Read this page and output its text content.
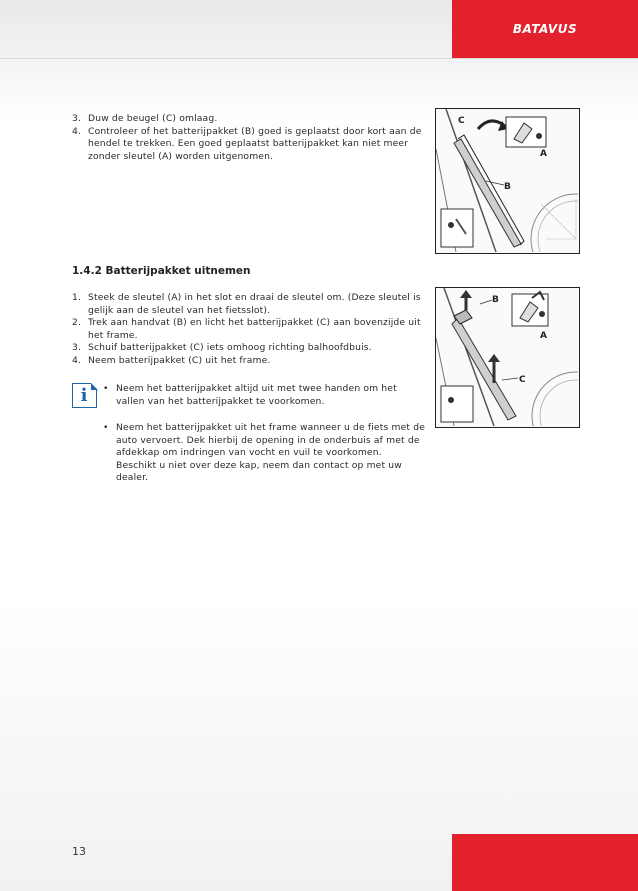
BATAVUS
3. Duw de beugel (C) omlaag.
4. Controleer of het batterijpakket (B) goed is geplaatst door kort aan de hendel te trekken. Een goed geplaatst batterijpakket kan niet meer zonder sleutel (A) worden uitgenomen.
C
B
A
1.4.2 Batterijpakket uitnemen
1. Steek de sleutel (A) in het slot en draai de sleutel om. (Deze sleutel is gelijk aan de sleutel van het fietsslot).
2. Trek aan handvat (B) en licht het batterijpakket (C) aan bovenzijde uit het frame.
3. Schuif batterijpakket (C) iets omhoog richting balhoofdbuis.
4. Neem batterijpakket (C) uit het frame.
B
A
C
i	• Neem het batterijpakket altijd uit met twee handen om het vallen van het batterijpakket te voorkomen.
• Neem het batterijpakket uit het frame wanneer u de fiets met de auto vervoert. Dek hierbij de opening in de onderbuis af met de afdekkap om indringen van vocht en vuil te voorkomen. Beschikt u niet over deze kap, neem dan contact op met uw dealer.
13
